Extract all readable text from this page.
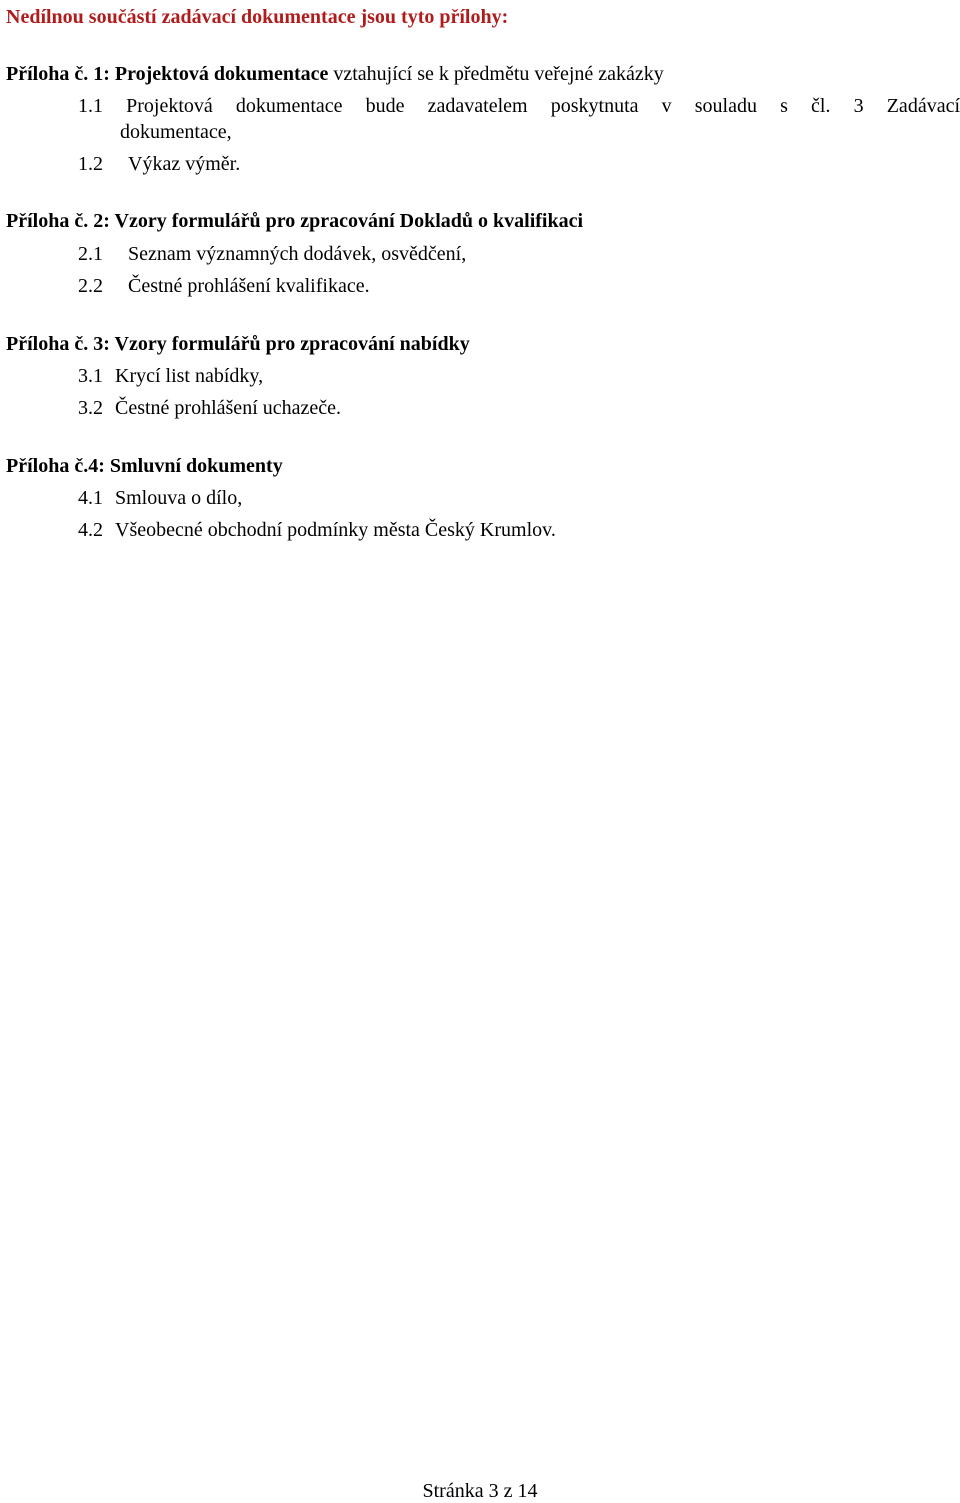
Nedílnou součástí zadávací dokumentace jsou tyto přílohy:
Příloha č. 1: Projektová dokumentace vztahující se k předmětu veřejné zakázky
1.1 Projektová dokumentace bude zadavatelem poskytnuta v souladu s čl. 3 Zadávací
dokumentace,
1.2 Výkaz výměr.
Příloha č. 2: Vzory formulářů pro zpracování Dokladů o kvalifikaci
2.1 Seznam významných dodávek, osvědčení,
2.2 Čestné prohlášení kvalifikace.
Příloha č. 3: Vzory formulářů pro zpracování nabídky
3.1 Krycí list nabídky,
3.2 Čestné prohlášení uchazeče.
Příloha č.4: Smluvní dokumenty
4.1 Smlouva o dílo,
4.2 Všeobecné obchodní podmínky města Český Krumlov.
Stránka 3 z 14
